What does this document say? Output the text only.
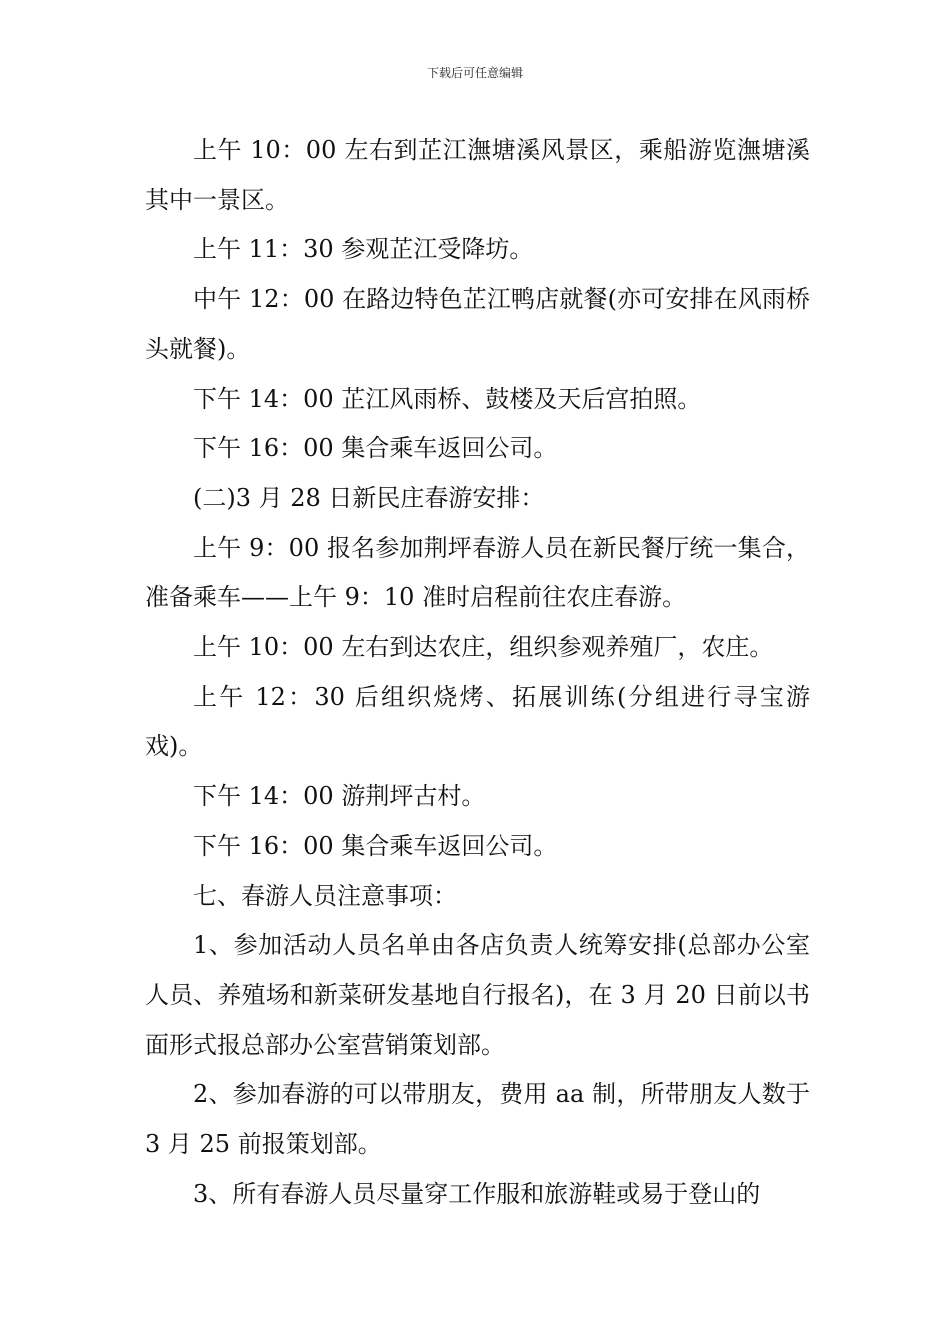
下载后可任意编辑

上午 10：00 左右到芷江潕塘溪风景区，乘船游览潕塘溪其中一景区。

上午 11：30 参观芷江受降坊。

中午 12：00 在路边特色芷江鸭店就餐(亦可安排在风雨桥头就餐)。

下午 14：00 芷江风雨桥、鼓楼及天后宫拍照。

下午 16：00 集合乘车返回公司。

(二)3 月 28 日新民庄春游安排：

上午 9：00 报名参加荆坪春游人员在新民餐厅统一集合，准备乘车——上午 9：10 准时启程前往农庄春游。

上午 10：00 左右到达农庄，组织参观养殖厂，农庄。

上午 12：30 后组织烧烤、拓展训练(分组进行寻宝游戏)。

下午 14：00 游荆坪古村。

下午 16：00 集合乘车返回公司。

七、春游人员注意事项：

1、参加活动人员名单由各店负责人统筹安排(总部办公室人员、养殖场和新菜研发基地自行报名)，在 3 月 20 日前以书面形式报总部办公室营销策划部。

2、参加春游的可以带朋友，费用 aa 制，所带朋友人数于 3 月 25 前报策划部。

3、所有春游人员尽量穿工作服和旅游鞋或易于登山的
